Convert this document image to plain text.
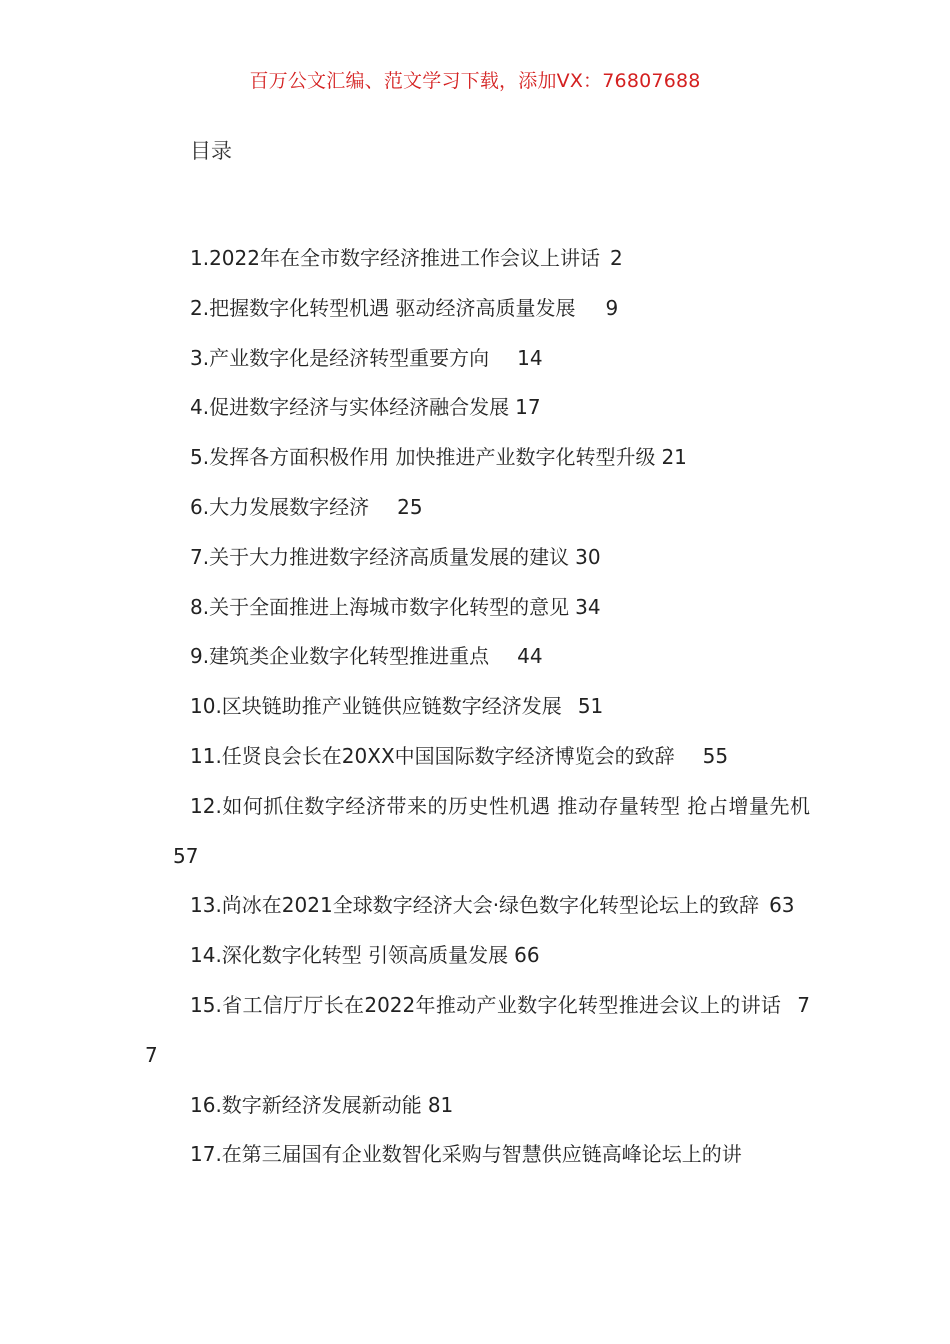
百万公文汇编、范文学习下载，添加VX：76807688
目录
1.2022年在全市数字经济推进工作会议上讲话 2
2.把握数字化转型机遇 驱动经济高质量发展 9
3.产业数字化是经济转型重要方向 14
4.促进数字经济与实体经济融合发展 17
5.发挥各方面积极作用 加快推进产业数字化转型升级 21
6.大力发展数字经济 25
7.关于大力推进数字经济高质量发展的建议 30
8.关于全面推进上海城市数字化转型的意见 34
9.建筑类企业数字化转型推进重点 44
10.区块链助推产业链供应链数字经济发展 51
11.任贤良会长在20XX中国国际数字经济博览会的致辞 55
12.如何抓住数字经济带来的历史性机遇 推动存量转型 抢占增量先机57
13.尚冰在2021全球数字经济大会·绿色数字化转型论坛上的致辞 63
14.深化数字化转型 引领高质量发展 66
15.省工信厅厅长在2022年推动产业数字化转型推进会议上的讲话 77
16.数字新经济发展新动能 81
17.在第三届国有企业数智化采购与智慧供应链高峰论坛上的讲
